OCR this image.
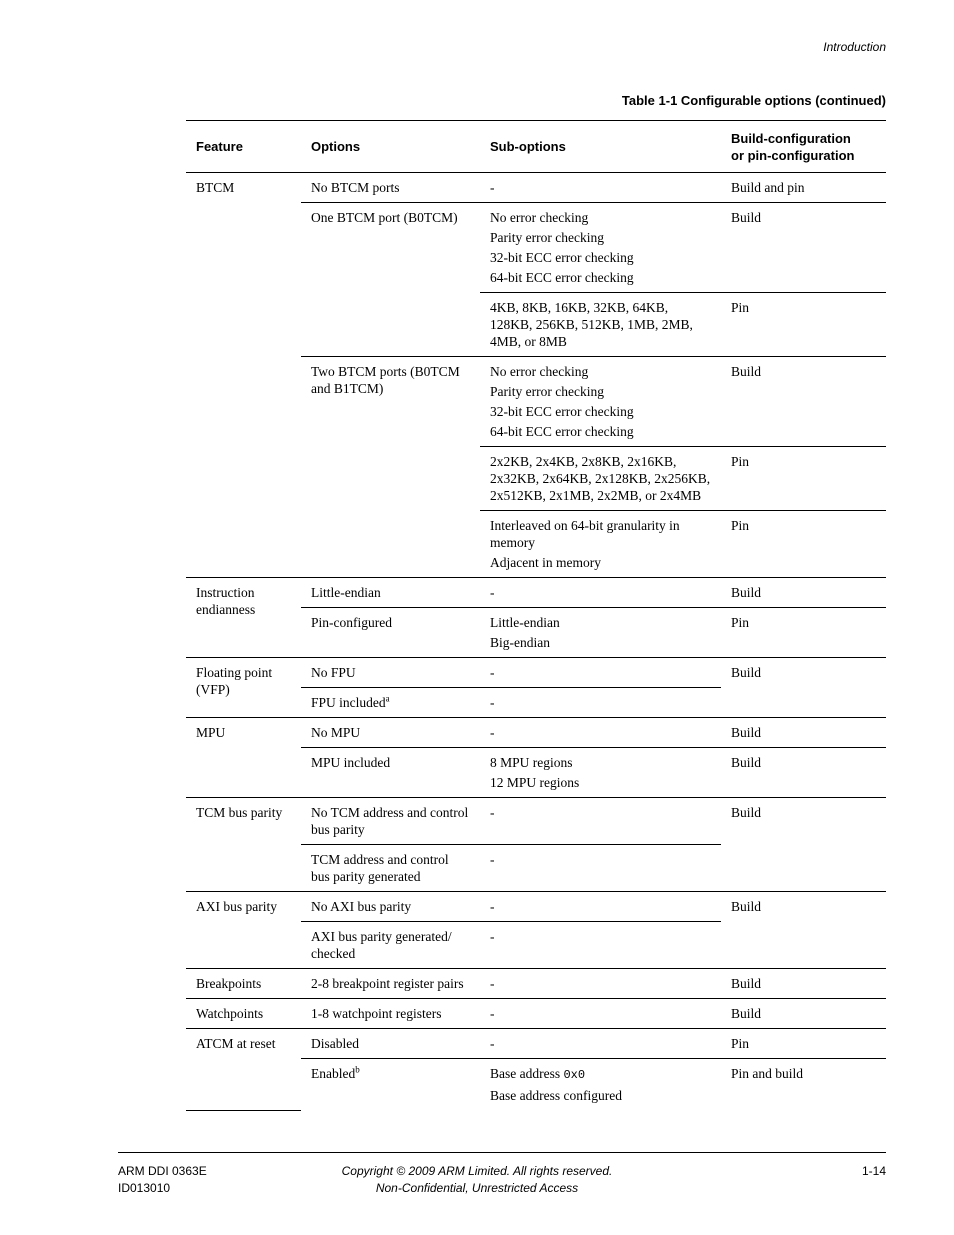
Introduction
Table 1-1 Configurable options (continued)
Feature	Options	Sub-options	Build-configuration
or pin-configuration
BTCM	No BTCM ports	-	Build and pin
	One BTCM port (B0TCM)	No error checking
Parity error checking
32-bit ECC error checking
64-bit ECC error checking	Build
		4KB, 8KB, 16KB, 32KB, 64KB, 128KB, 256KB, 512KB, 1MB, 2MB, 4MB, or 8MB	Pin
	Two BTCM ports (B0TCM and B1TCM)	No error checking
Parity error checking
32-bit ECC error checking
64-bit ECC error checking	Build
		2x2KB, 2x4KB, 2x8KB, 2x16KB, 2x32KB, 2x64KB, 2x128KB, 2x256KB, 2x512KB, 2x1MB, 2x2MB, or 2x4MB	Pin

		Interleaved on 64-bit granularity in memory
Adjacent in memory	Pin
Instruction endianness	Little-endian	-	Build
	Pin-configured	Little-endian
Big-endian	Pin
Floating point (VFP)	No FPU	-	Build
	FPU included$^a$	-	
MPU	No MPU	-	Build
	MPU included	8 MPU regions
12 MPU regions	Build
TCM bus parity	No TCM address and control bus parity	-	Build
	TCM address and control bus parity generated	-	
AXI bus parity	No AXI bus parity	-	Build
	AXI bus parity generated/ checked	-	
Breakpoints	2-8 breakpoint register pairs	-	Build
Watchpoints	1-8 watchpoint registers	-	Build
ATCM at reset	Disabled	-	Pin
	Enabled$^b$	Base address 0x0
Base address configured	Pin and build
ARM DDI 0363E
ID013010
Copyright © 2009 ARM Limited. All rights reserved.
Non-Confidential, Unrestricted Access
1-14
